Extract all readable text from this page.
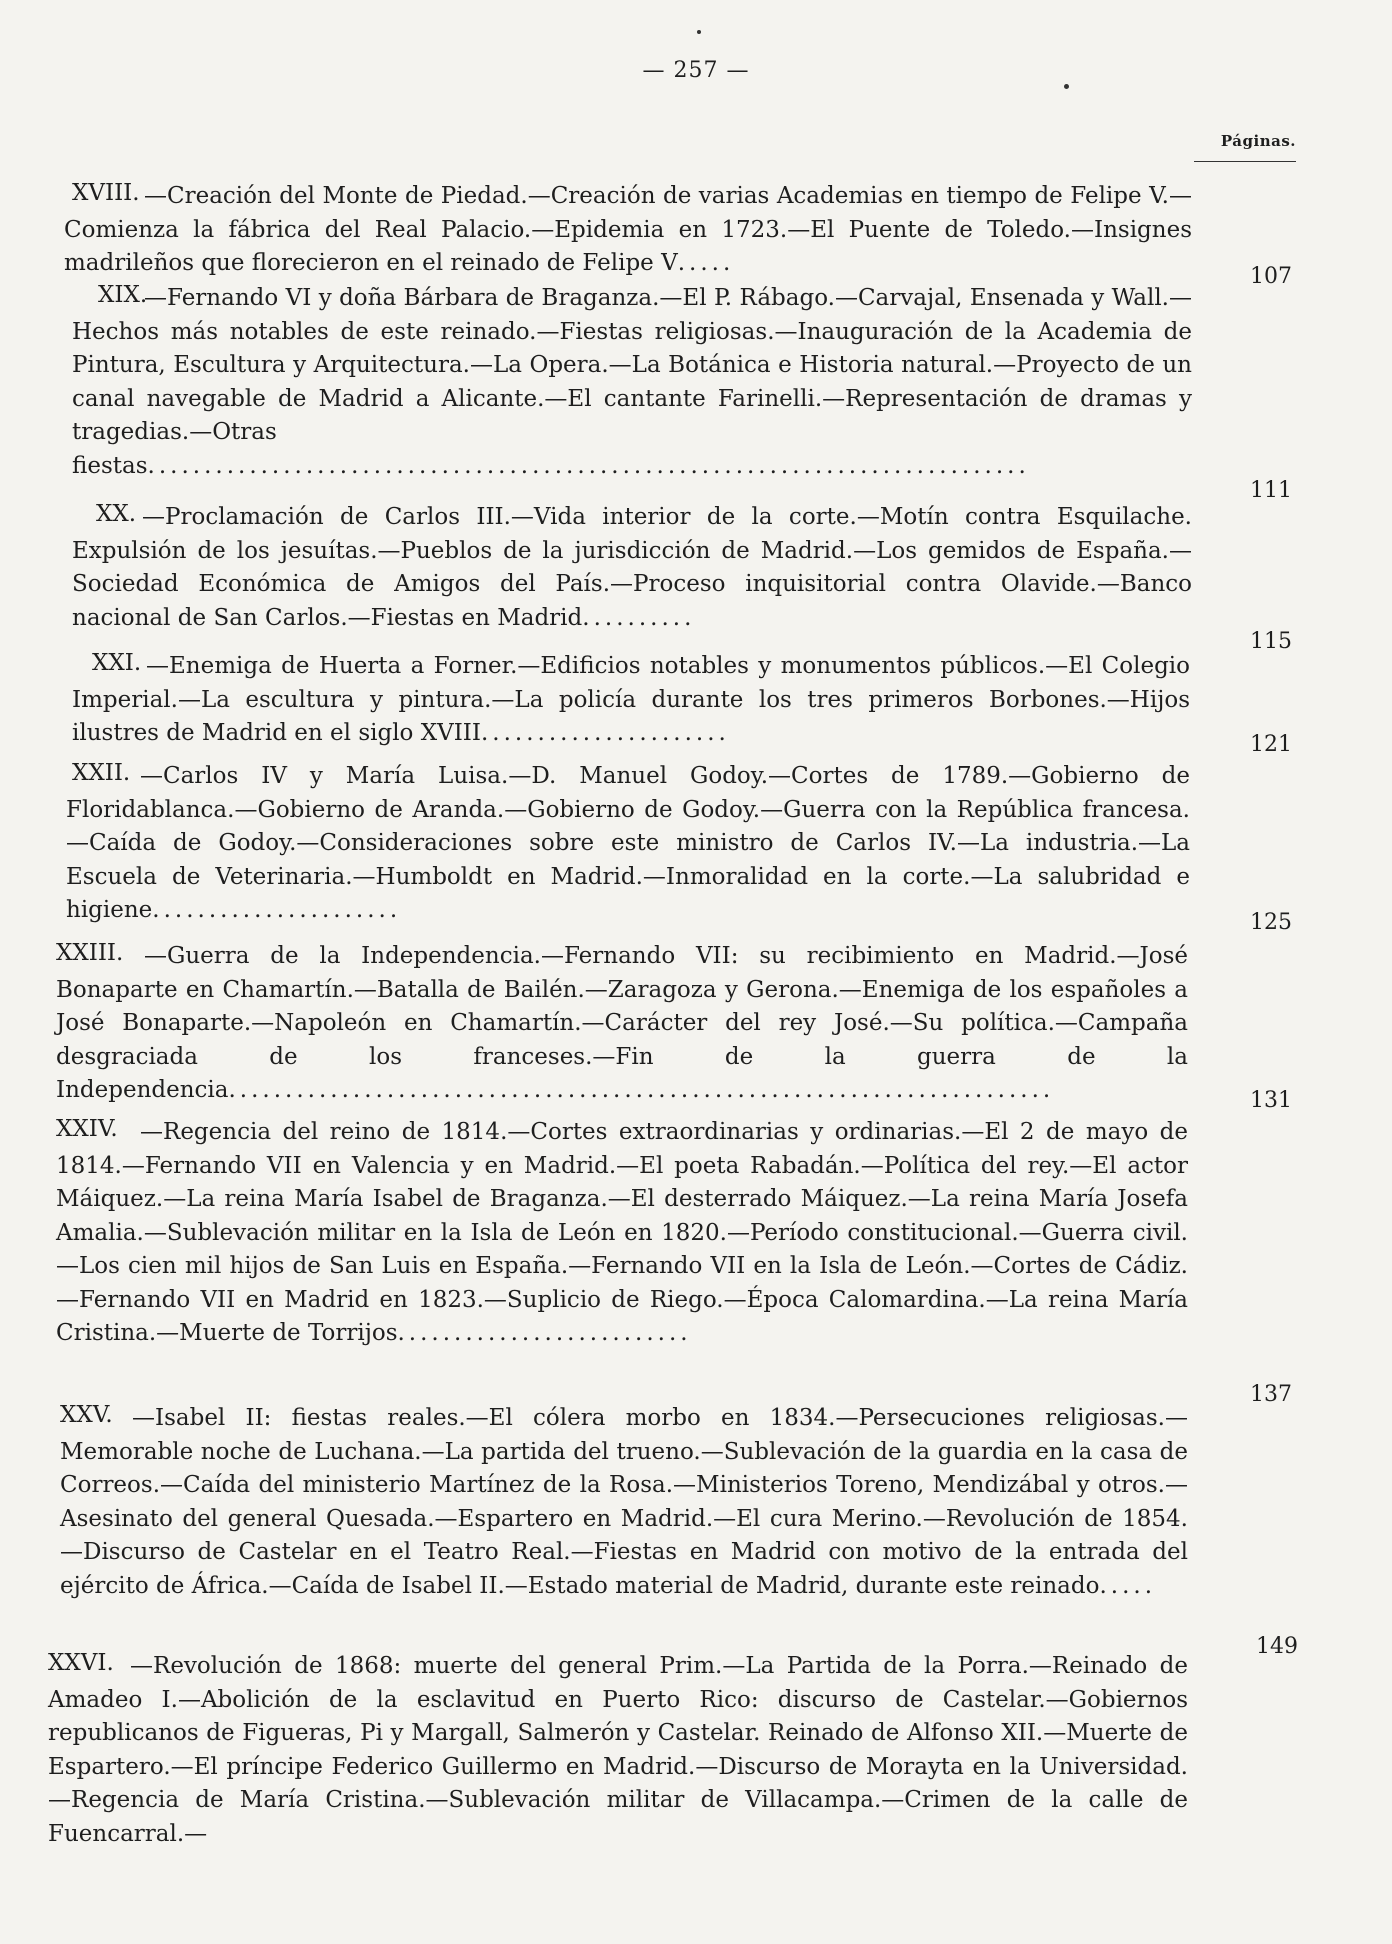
— 257 —
Páginas.
XVIII. —Creación del Monte de Piedad.—Creación de varias Academias en tiempo de Felipe V.—Comienza la fábrica del Real Palacio.—Epidemia en 1723.—El Puente de Toledo.—Insignes madrileños que florecieron en el reinado de Felipe V.....
107
XIX.
—Fernando VI y doña Bárbara de Braganza.—El P. Rábago.—Carvajal, Ensenada y Wall.—Hechos más notables de este reinado.—Fiestas religiosas.—Inauguración de la Academia de Pintura, Escultura y Arquitectura.—La Opera.—La Botánica e Historia natural.—Proyecto de un canal navegable de Madrid a Alicante.—El cantante Farinelli.—Representación de dramas y tragedias.—Otras fiestas..............................................................................
111
XX. —Proclamación de Carlos III.—Vida interior de la corte.—Motín contra Esquilache. Expulsión de los jesuítas.—Pueblos de la jurisdicción de Madrid.—Los gemidos de España.—Sociedad Económica de Amigos del País.—Proceso inquisitorial contra Olavide.—Banco nacional de San Carlos.—Fiestas en Madrid..........
115
XXI. —Enemiga de Huerta a Forner.—Edificios notables y monumentos públicos.—El Colegio Imperial.—La escultura y pintura.—La policía durante los tres primeros Borbones.—Hijos ilustres de Madrid en el siglo XVIII......................	121
XXII. —Carlos IV y María Luisa.—D. Manuel Godoy.—Cortes de 1789.—Gobierno de Floridablanca.—Gobierno de Aranda.—Gobierno de Godoy.—Guerra con la República francesa.—Caída de Godoy.—Consideraciones sobre este ministro de Carlos IV.—La industria.—La Escuela de Veterinaria.—Humboldt en Madrid.—Inmoralidad en la corte.—La salubridad e higiene......................	125
XXIII. —Guerra de la Independencia.—Fernando VII: su recibimiento en Madrid.—José Bonaparte en Chamartín.—Batalla de Bailén.—Zaragoza y Gerona.—Enemiga de los españoles a José Bonaparte.—Napoleón en Chamartín.—Carácter del rey José.—Su política.—Campaña desgraciada de los franceses.—Fin de la guerra de la Independencia.........................................................................	131
XXIV. —Regencia del reino de 1814.—Cortes extraordinarias y ordinarias.—El 2 de mayo de 1814.—Fernando VII en Valencia y en Madrid.—El poeta Rabadán.—Política del rey.—El actor Máiquez.—La reina María Isabel de Braganza.—El desterrado Máiquez.—La reina María Josefa Amalia.—Sublevación militar en la Isla de León en 1820.—Período constitucional.—Guerra civil.—Los cien mil hijos de San Luis en España.—Fernando VII en la Isla de León.—Cortes de Cádiz.—Fernando VII en Madrid en 1823.—Suplicio de Riego.—Época Calomardina.—La reina María Cristina.—Muerte de Torrijos..........................
137
XXV. —Isabel II: fiestas reales.—El cólera morbo en 1834.—Persecuciones religiosas.—Memorable noche de Luchana.—La partida del trueno.—Sublevación de la guardia en la casa de Correos.—Caída del ministerio Martínez de la Rosa.—Ministerios Toreno, Mendizábal y otros.—Asesinato del general Quesada.—Espartero en Madrid.—El cura Merino.—Revolución de 1854.—Discurso de Castelar en el Teatro Real.—Fiestas en Madrid con motivo de la entrada del ejército de África.—Caída de Isabel II.—Estado material de Madrid, durante este reinado.....
149
XXVI. —Revolución de 1868: muerte del general Prim.—La Partida de la Porra.—Reinado de Amadeo I.—Abolición de la esclavitud en Puerto Rico: discurso de Castelar.—Gobiernos republicanos de Figueras, Pi y Margall, Salmerón y Castelar. Reinado de Alfonso XII.—Muerte de Espartero.—El príncipe Federico Guillermo en Madrid.—Discurso de Morayta en la Universidad.—Regencia de María Cristina.—Sublevación militar de Villacampa.—Crimen de la calle de Fuencarral.—
